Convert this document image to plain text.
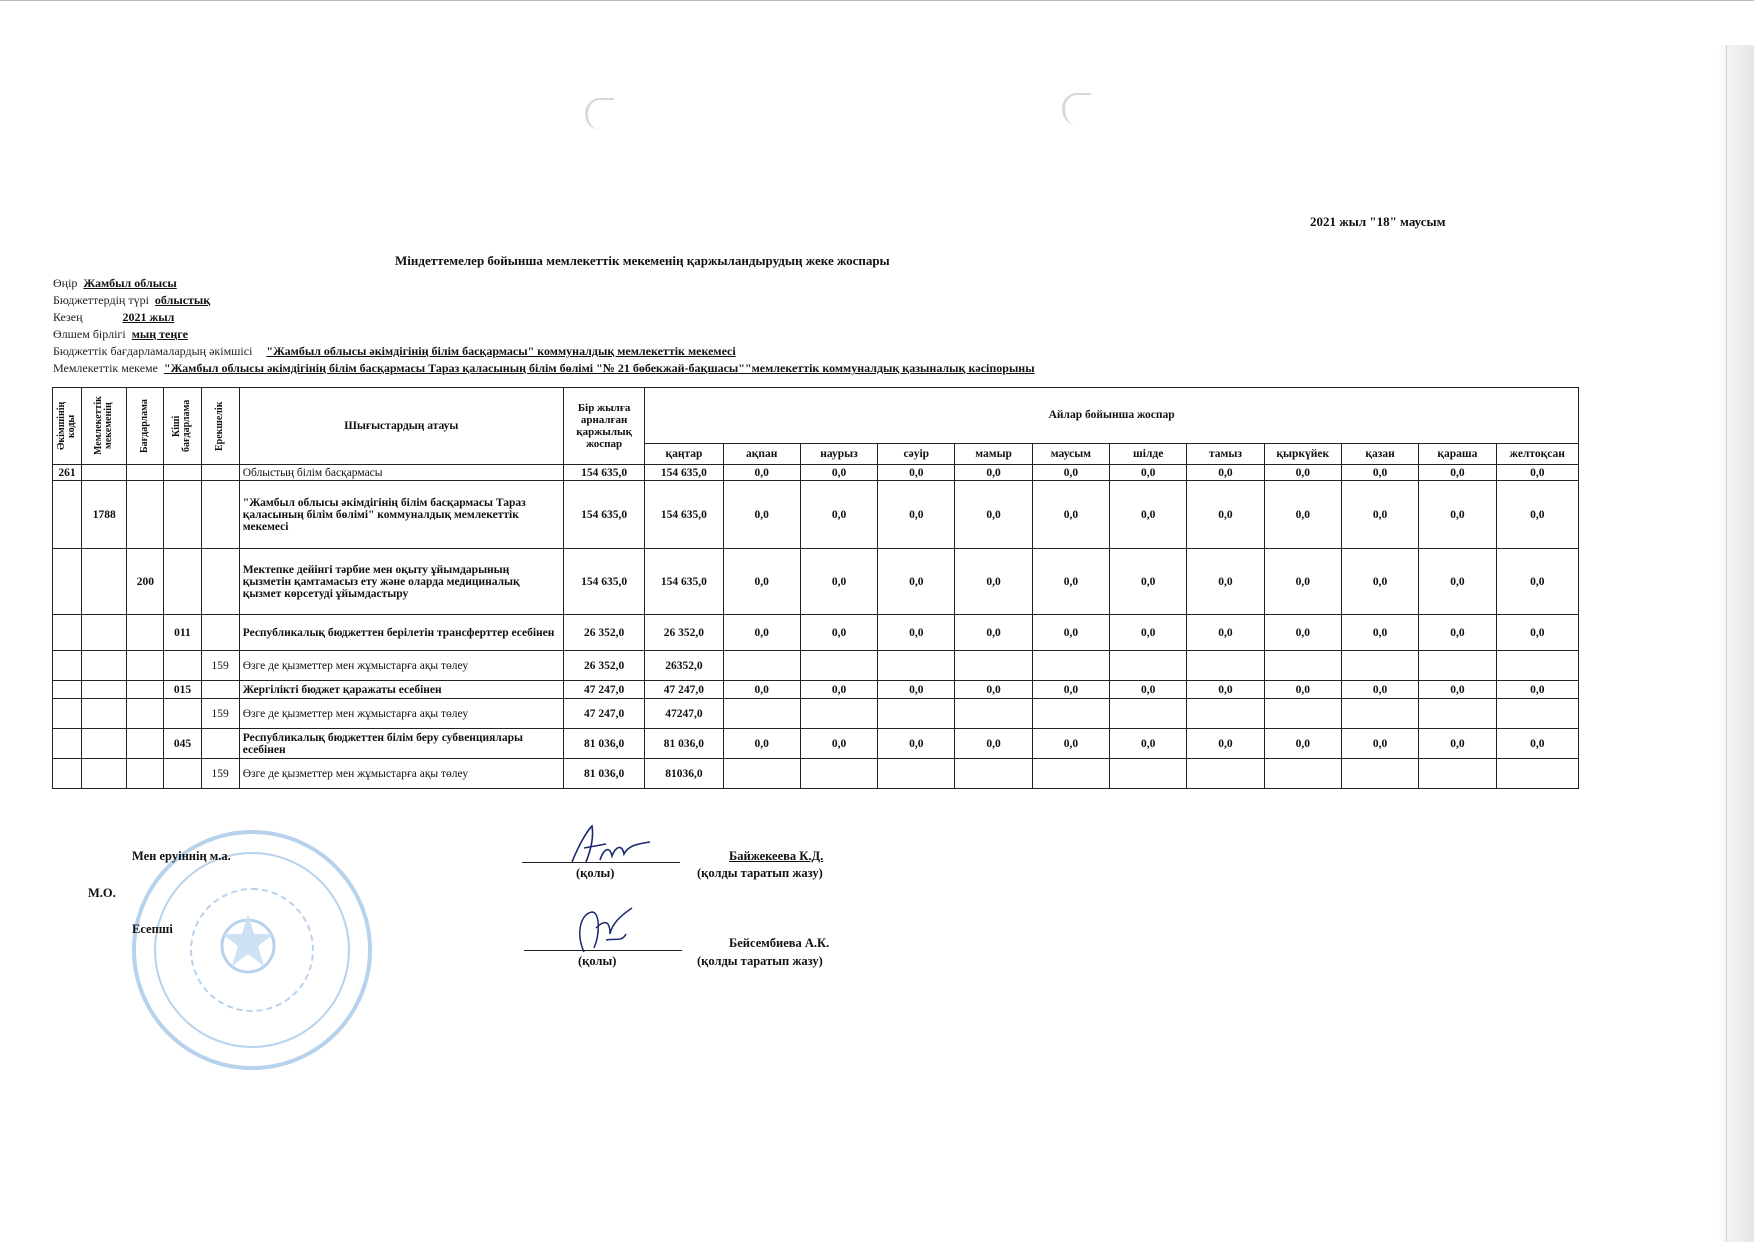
2021 жыл "18" маусым
Міндеттемелер бойынша мемлекеттік мекеменің қаржыландырудың жеке жоспары
Өңір Жамбыл облысы
Бюджеттердің түрі облыстық
Кезең	2021 жыл
Өлшем бірлігі мың теңге
Бюджеттік бағдарламалардың әкімшісі "Жамбыл облысы әкімдігінің білім басқармасы" коммуналдық мемлекеттік мекемесі
Мемлекеттік мекеме "Жамбыл облысы әкімдігінің білім басқармасы Тараз қаласының білім бөлімі "№ 21 бөбекжай-бақшасы""мемлекеттік коммуналдық қазыналық кәсіпорыны
Әкімшінің коды	Мемлекеттік мекеменің	Бағдарлама	Кіші бағдарлама	Ерекшелік	Шығыстардың атауы	Бір жылға арналған қаржылық жоспар	Айлар бойынша жоспар											
							қаңтар	ақпан	наурыз	сәуір	мамыр	маусым	шілде	тамыз	қыркүйек	қазан	қараша	желтоқсан
261					Облыстың білім басқармасы	154 635,0	154 635,0	0,0	0,0	0,0	0,0	0,0	0,0	0,0	0,0	0,0	0,0	0,0
	1788				"Жамбыл облысы әкімдігінің білім басқармасы Тараз қаласының білім бөлімі" коммуналдық мемлекеттік мекемесі	154 635,0	154 635,0	0,0	0,0	0,0	0,0	0,0	0,0	0,0	0,0	0,0	0,0	0,0
		200			Мектепке дейінгі тәрбие мен оқыту ұйымдарының қызметін қамтамасыз ету және оларда медициналық қызмет көрсетуді ұйымдастыру	154 635,0	154 635,0	0,0	0,0	0,0	0,0	0,0	0,0	0,0	0,0	0,0	0,0	0,0
			011		Республикалық бюджеттен берілетін трансферттер есебінен	26 352,0	26 352,0	0,0	0,0	0,0	0,0	0,0	0,0	0,0	0,0	0,0	0,0	0,0
				159	Өзге де қызметтер мен жұмыстарға ақы төлеу	26 352,0	26352,0											
			015		Жергілікті бюджет қаражаты есебінен	47 247,0	47 247,0	0,0	0,0	0,0	0,0	0,0	0,0	0,0	0,0	0,0	0,0	0,0
				159	Өзге де қызметтер мен жұмыстарға ақы төлеу	47 247,0	47247,0											
			045		Республикалық бюджеттен білім беру субвенциялары есебінен	81 036,0	81 036,0	0,0	0,0	0,0	0,0	0,0	0,0	0,0	0,0	0,0	0,0	0,0
				159	Өзге де қызметтер мен жұмыстарға ақы төлеу	81 036,0	81036,0											
Мен еруіннің м.а.
М.О.
Есепші
(қолы)
Байжекеева К.Д.
(қолды таратып жазу)
(қолы)
Бейсембиева А.К.
(қолды таратып жазу)
